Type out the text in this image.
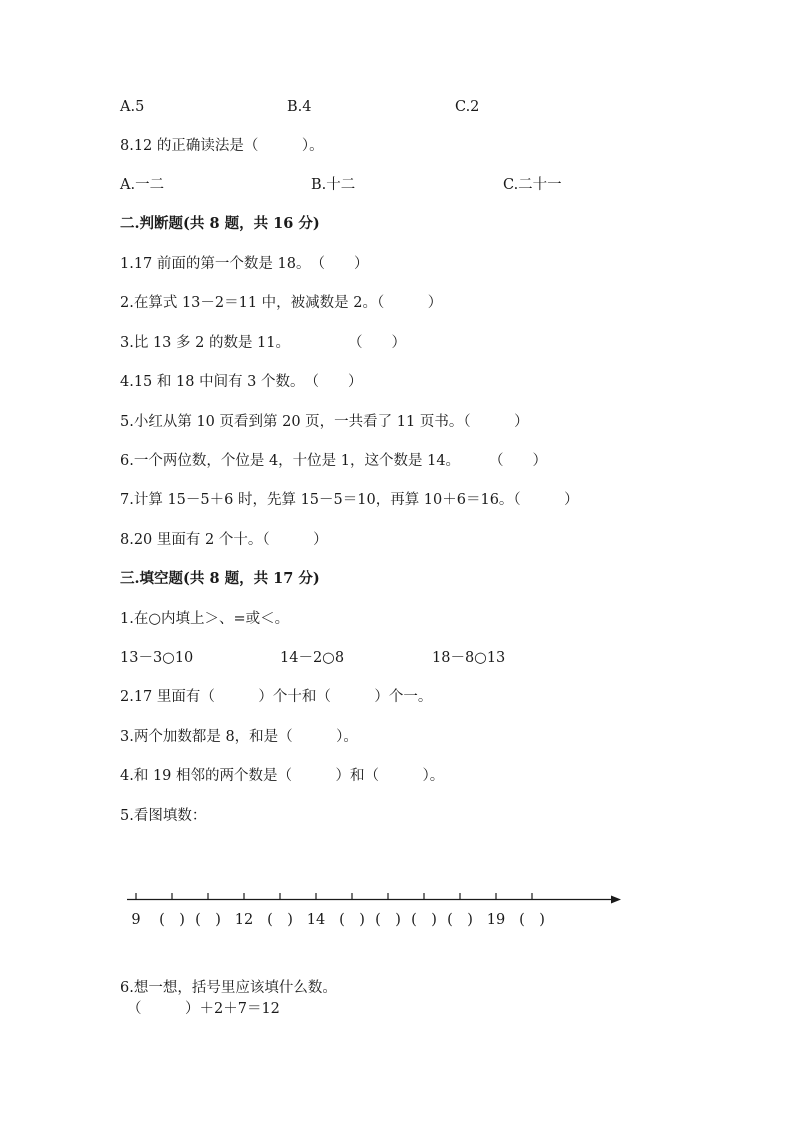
A.5	B.4	C.2
8.12 的正确读法是（　　　）。
A.一二	B.十二	C.二十一
二.判断题(共 8 题，共 16 分)
1.17 前面的第一个数是 18。　（　　）
2.在算式 13－2＝11 中，被减数是 2。（　　　）
3.比 13 多 2 的数是 11。　　　　　（　　）
4.15 和 18 中间有 3 个数。　（　　）
5.小红从第 10 页看到第 20 页，一共看了 11 页书。（　　　）
6.一个两位数，个位是 4，十位是 1，这个数是 14。　　　（　　）
7.计算 15－5＋6 时，先算 15－5＝10，再算 10＋6＝16。（　　　）
8.20 里面有 2 个十。（　　　）
三.填空题(共 8 题，共 17 分)
1.在○内填上＞、=或＜。
13－3○10	14－2○8	18－8○13
2.17 里面有（　　　）个十和（　　　）个一。
3.两个加数都是 8，和是（　　　）。
4.和 19 相邻的两个数是（　　　）和（　　　）。
5.看图填数：
9 (　) (　) 12 (　) 14 (　) (　) (　) (　) 19 (　)
6.想一想，括号里应该填什么数。
（　　　）＋2＋7＝12
